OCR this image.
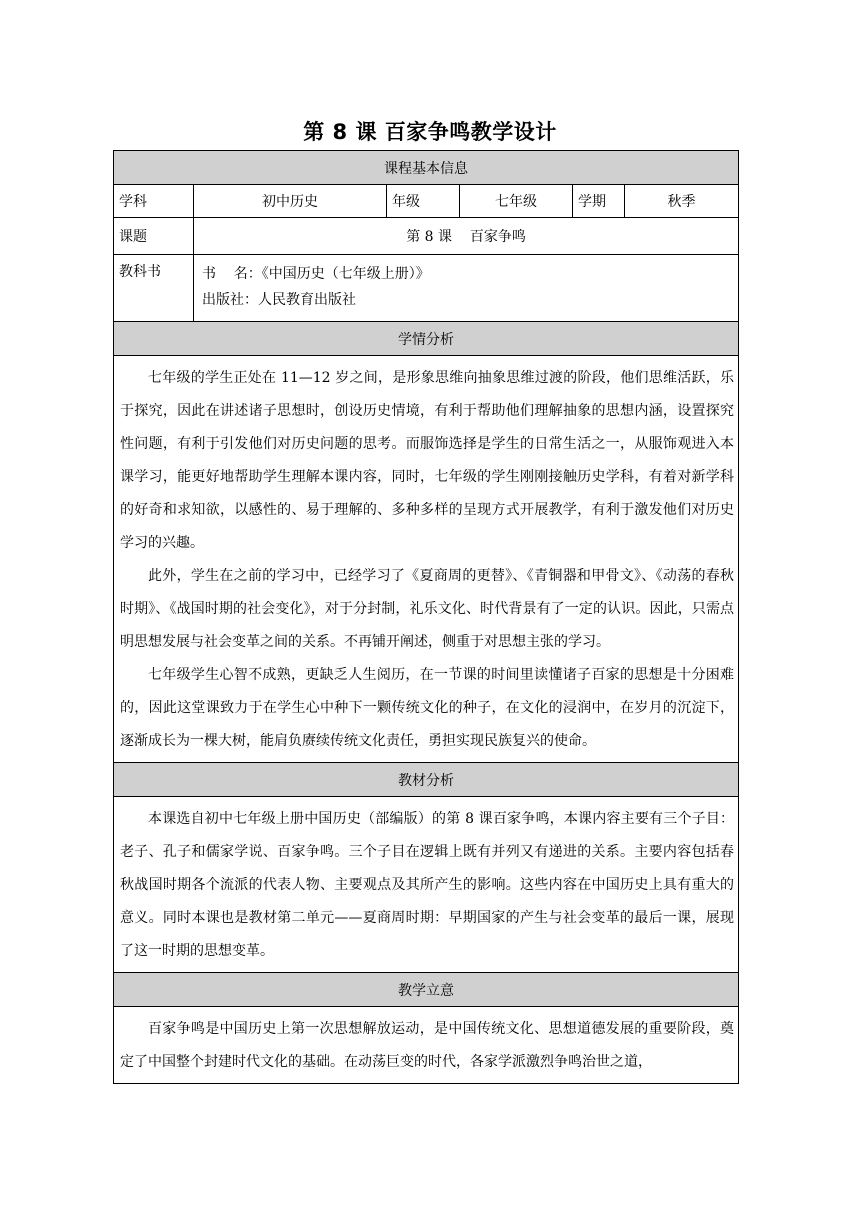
第 8 课 百家争鸣教学设计
课程基本信息					
学科	初中历史	年级	七年级	学期	秋季
课题	第 8 课    百家争鸣				
教科书	书    名：《中国历史（七年级上册）》
出版社：人民教育出版社				

学情分析					

七年级的学生正处在 11—12 岁之间，是形象思维向抽象思维过渡的阶段，他们思维活跃，乐于探究，因此在讲述诸子思想时，创设历史情境，有利于帮助他们理解抽象的思想内涵，设置探究性问题，有利于引发他们对历史问题的思考。而服饰选择是学生的日常生活之一，从服饰观进入本课学习，能更好地帮助学生理解本课内容，同时，七年级的学生刚刚接触历史学科，有着对新学科的好奇和求知欲，以感性的、易于理解的、多种多样的呈现方式开展教学，有利于激发他们对历史学习的兴趣。

此外，学生在之前的学习中，已经学习了《夏商周的更替》、《青铜器和甲骨文》、《动荡的春秋时期》、《战国时期的社会变化》，对于分封制，礼乐文化、时代背景有了一定的认识。因此，只需点明思想发展与社会变革之间的关系。不再铺开阐述，侧重于对思想主张的学习。

七年级学生心智不成熟，更缺乏人生阅历，在一节课的时间里读懂诸子百家的思想是十分困难的，因此这堂课致力于在学生心中种下一颗传统文化的种子，在文化的浸润中，在岁月的沉淀下，逐渐成长为一棵大树，能肩负赓续传统文化责任，勇担实现民族复兴的使命。					

教材分析					

本课选自初中七年级上册中国历史（部编版）的第 8 课百家争鸣，本课内容主要有三个子目：老子、孔子和儒家学说、百家争鸣。三个子目在逻辑上既有并列又有递进的关系。主要内容包括春秋战国时期各个流派的代表人物、主要观点及其所产生的影响。这些内容在中国历史上具有重大的意义。同时本课也是教材第二单元——夏商周时期：早期国家的产生与社会变革的最后一课，展现了这一时期的思想变革。					

教学立意					

百家争鸣是中国历史上第一次思想解放运动，是中国传统文化、思想道德发展的重要阶段，奠定了中国整个封建时代文化的基础。在动荡巨变的时代，各家学派激烈争鸣治世之道，					
